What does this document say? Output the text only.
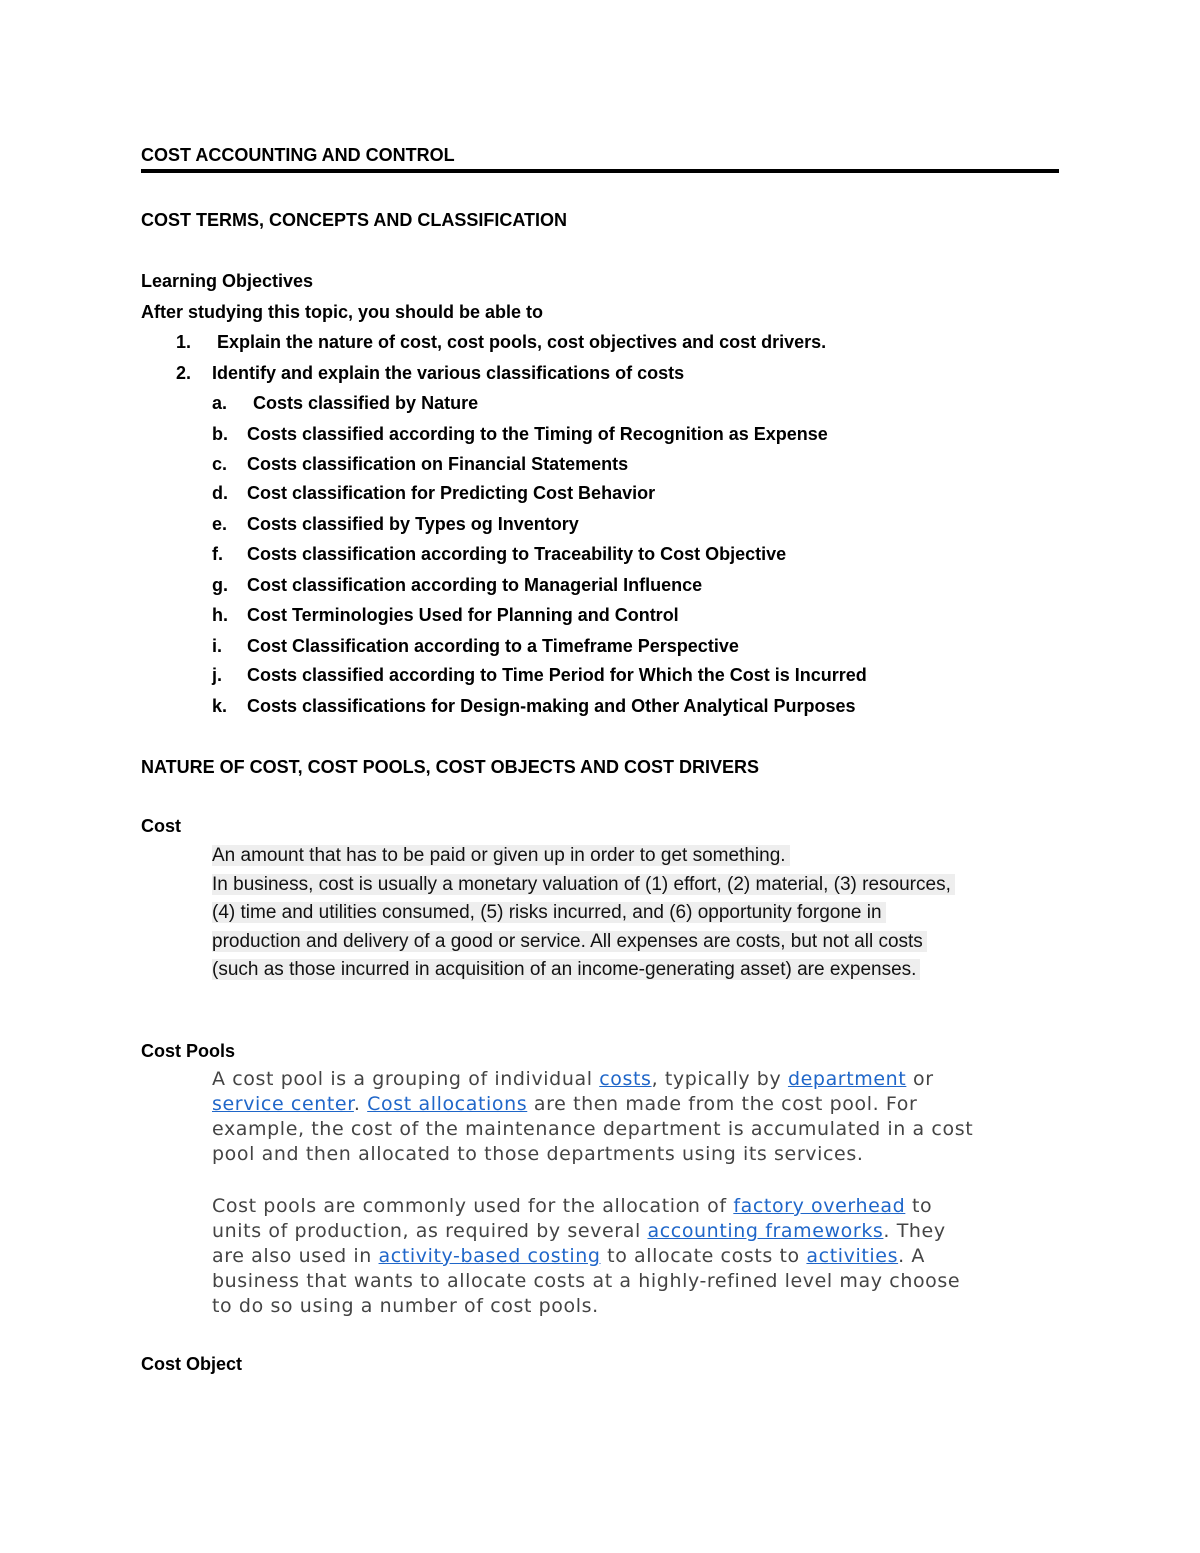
COST ACCOUNTING AND CONTROL
COST TERMS, CONCEPTS AND CLASSIFICATION
Learning Objectives
After studying this topic, you should be able to
1. Explain the nature of cost, cost pools, cost objectives and cost drivers.
2. Identify and explain the various classifications of costs
a. Costs classified by Nature
b. Costs classified according to the Timing of Recognition as Expense
c. Costs classification on Financial Statements
d. Cost classification for Predicting Cost Behavior
e. Costs classified by Types og Inventory
f. Costs classification according to Traceability to Cost Objective
g. Cost classification according to Managerial Influence
h. Cost Terminologies Used for Planning and Control
i. Cost Classification according to a Timeframe Perspective
j. Costs classified according to Time Period for Which the Cost is Incurred
k. Costs classifications for Design-making and Other Analytical Purposes
NATURE OF COST, COST POOLS, COST OBJECTS AND COST DRIVERS
Cost
An amount that has to be paid or given up in order to get something.
In business, cost is usually a monetary valuation of (1) effort, (2) material, (3) resources,
(4) time and utilities consumed, (5) risks incurred, and (6) opportunity forgone in
production and delivery of a good or service. All expenses are costs, but not all costs
(such as those incurred in acquisition of an income-generating asset) are expenses.
Cost Pools
A cost pool is a grouping of individual costs, typically by department or
service center. Cost allocations are then made from the cost pool. For
example, the cost of the maintenance department is accumulated in a cost
pool and then allocated to those departments using its services.
Cost pools are commonly used for the allocation of factory overhead to
units of production, as required by several accounting frameworks. They
are also used in activity-based costing to allocate costs to activities. A
business that wants to allocate costs at a highly-refined level may choose
to do so using a number of cost pools.
Cost Object
